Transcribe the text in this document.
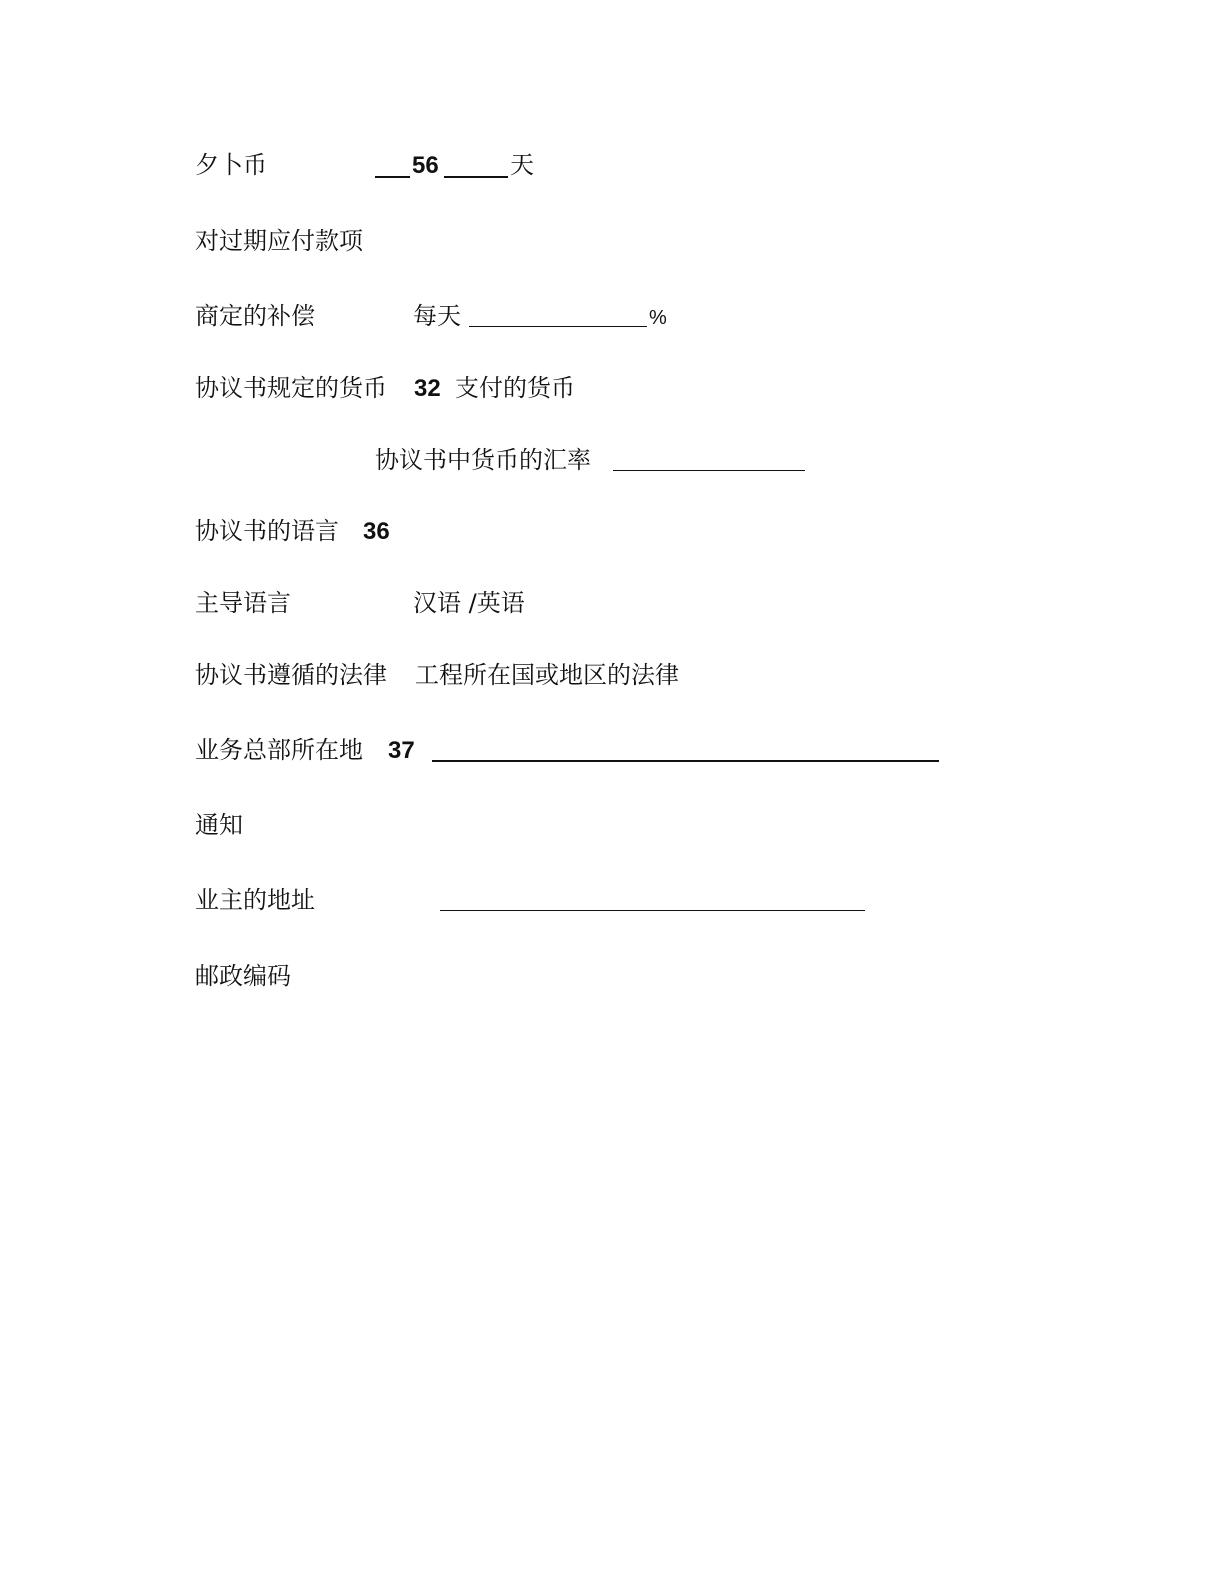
夕卜币	56	天
对过期应付款项
商定的补偿	每天	%
协议书规定的货币 32 支付的货币
协议书中货币的汇率
协议书的语言 36
主导语言	汉语 /英语
协议书遵循的法律 工程所在国或地区的法律
业务总部所在地 37
通知
业主的地址
邮政编码
